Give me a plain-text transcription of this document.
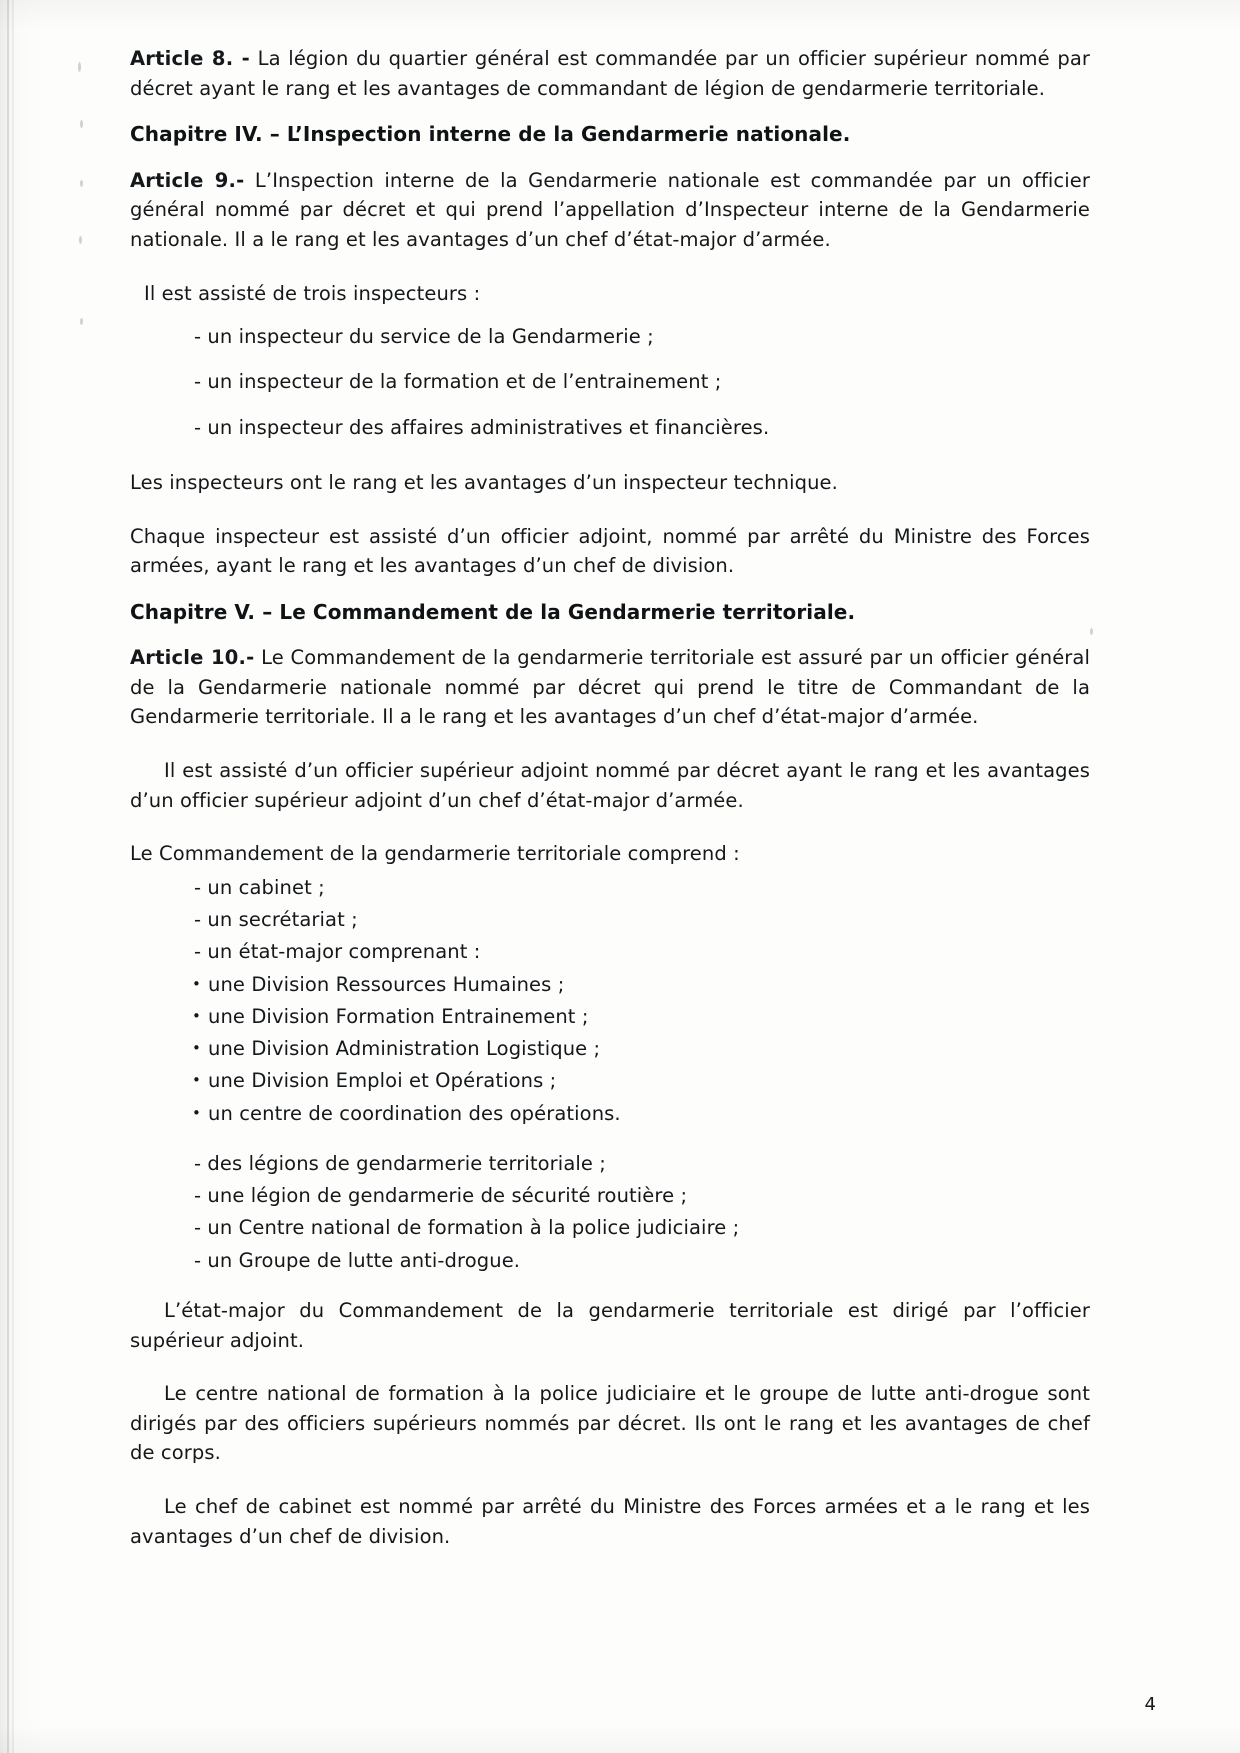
Article 8. - La légion du quartier général est commandée par un officier supérieur nommé par décret ayant le rang et les avantages de commandant de légion de gendarmerie territoriale.

Chapitre IV. – L’Inspection interne de la Gendarmerie nationale.

Article 9.- L’Inspection interne de la Gendarmerie nationale est commandée par un officier général nommé par décret et qui prend l’appellation d’Inspecteur interne de la Gendarmerie nationale. Il a le rang et les avantages d’un chef d’état-major d’armée.

Il est assisté de trois inspecteurs :

- un inspecteur du service de la Gendarmerie ;
- un inspecteur de la formation et de l’entrainement ;
- un inspecteur des affaires administratives et financières.

Les inspecteurs ont le rang et les avantages d’un inspecteur technique.

Chaque inspecteur est assisté d’un officier adjoint, nommé par arrêté du Ministre des Forces armées, ayant le rang et les avantages d’un chef de division.

Chapitre V. – Le Commandement de la Gendarmerie territoriale.

Article 10.- Le Commandement de la gendarmerie territoriale est assuré par un officier général de la Gendarmerie nationale nommé par décret qui prend le titre de Commandant de la Gendarmerie territoriale. Il a le rang et les avantages d’un chef d’état-major d’armée.

Il est assisté d’un officier supérieur adjoint nommé par décret ayant le rang et les avantages d’un officier supérieur adjoint d’un chef d’état-major d’armée.

Le Commandement de la gendarmerie territoriale comprend :

- un cabinet ;
- un secrétariat ;
- un état-major comprenant :
• une Division Ressources Humaines ;
• une Division Formation Entrainement ;
• une Division Administration Logistique ;
• une Division Emploi et Opérations ;
• un centre de coordination des opérations.
- des légions de gendarmerie territoriale ;
- une légion de gendarmerie de sécurité routière ;
- un Centre national de formation à la police judiciaire ;
- un Groupe de lutte anti-drogue.

L’état-major du Commandement de la gendarmerie territoriale est dirigé par l’officier supérieur adjoint.

Le centre national de formation à la police judiciaire et le groupe de lutte anti-drogue sont dirigés par des officiers supérieurs nommés par décret. Ils ont le rang et les avantages de chef de corps.

Le chef de cabinet est nommé par arrêté du Ministre des Forces armées et a le rang et les avantages d’un chef de division.

4
